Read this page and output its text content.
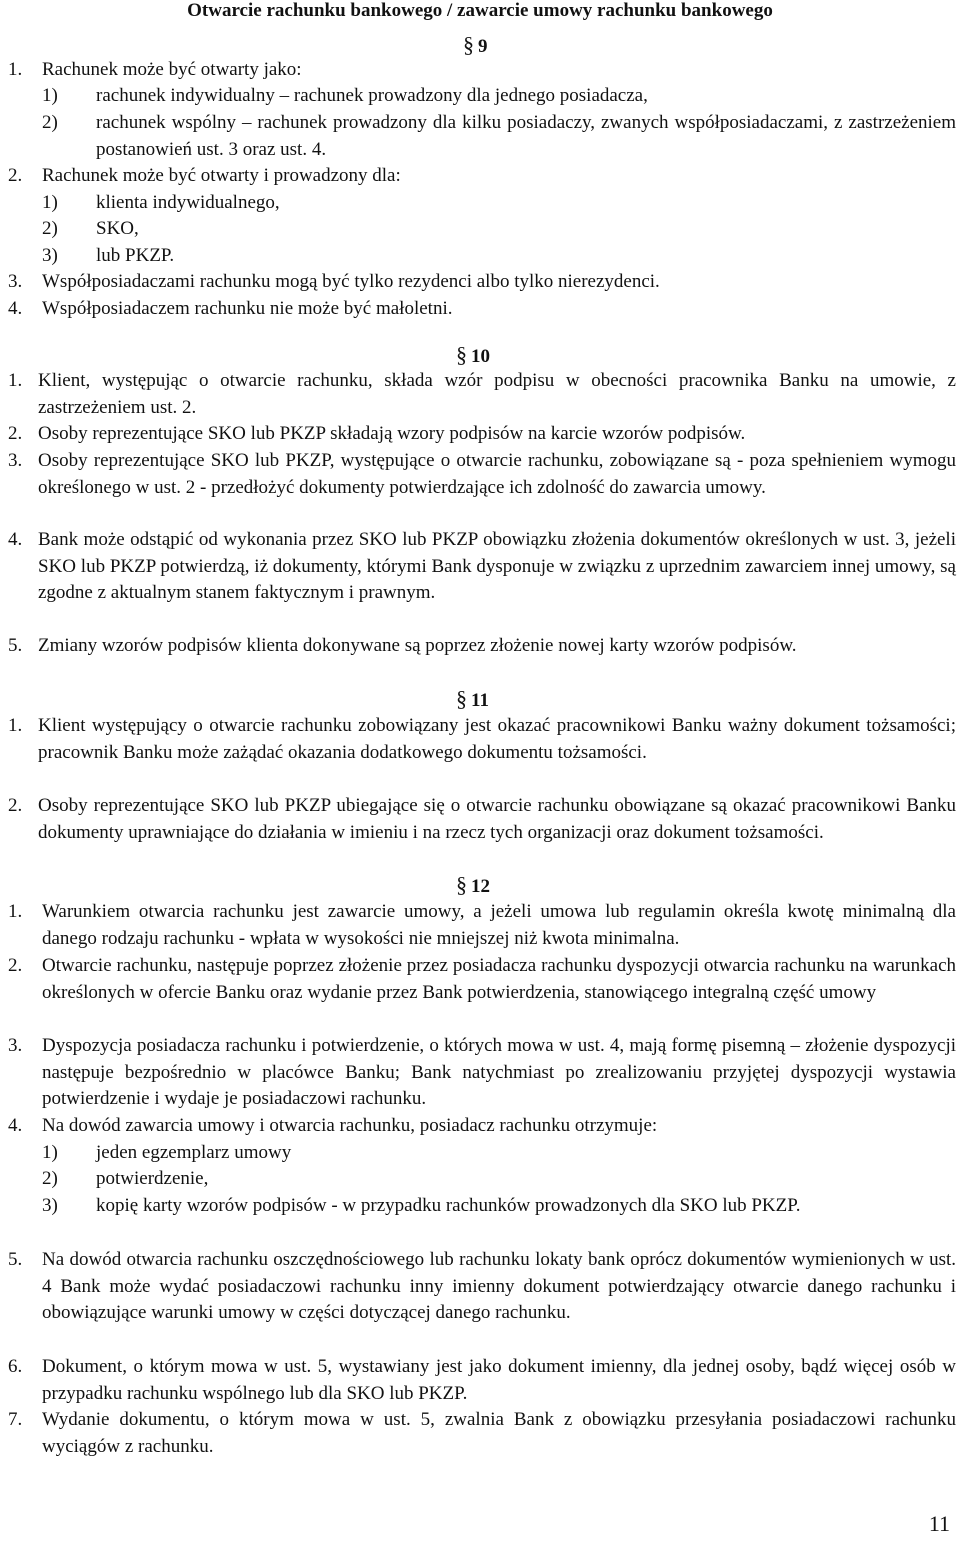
Otwarcie rachunku bankowego / zawarcie umowy rachunku bankowego
§ 9
1.	Rachunek może być otwarty jako:
1)	rachunek indywidualny – rachunek prowadzony dla jednego posiadacza,
2)	rachunek wspólny – rachunek prowadzony dla kilku posiadaczy, zwanych współposiadaczami, z zastrzeżeniem postanowień ust. 3 oraz ust. 4.
2.	Rachunek może być otwarty i prowadzony dla:
1)	klienta indywidualnego,
2)	SKO,
3)	lub PKZP.
3.	Współposiadaczami rachunku mogą być tylko rezydenci albo tylko nierezydenci.
4.	Współposiadaczem rachunku nie może być małoletni.
§ 10
1. Klient, występując o otwarcie rachunku, składa wzór podpisu w obecności pracownika Banku na umowie, z zastrzeżeniem ust. 2.
2. Osoby reprezentujące SKO lub PKZP składają wzory podpisów na karcie wzorów podpisów.
3. Osoby reprezentujące SKO lub PKZP, występujące o otwarcie rachunku, zobowiązane są - poza spełnieniem wymogu określonego w ust. 2 - przedłożyć dokumenty potwierdzające ich zdolność do zawarcia umowy.
4. Bank może odstąpić od wykonania przez SKO lub PKZP obowiązku złożenia dokumentów określonych w ust. 3, jeżeli SKO lub PKZP potwierdzą, iż dokumenty, którymi Bank dysponuje w związku z uprzednim zawarciem innej umowy, są zgodne z aktualnym stanem faktycznym i prawnym.
5. Zmiany wzorów podpisów klienta dokonywane są poprzez złożenie nowej karty wzorów podpisów.
§ 11
1. Klient występujący o otwarcie rachunku zobowiązany jest okazać pracownikowi Banku ważny dokument tożsamości; pracownik Banku może zażądać okazania dodatkowego dokumentu tożsamości.
2. Osoby reprezentujące SKO lub PKZP ubiegające się o otwarcie rachunku obowiązane są okazać pracownikowi Banku dokumenty uprawniające do działania w imieniu i na rzecz tych organizacji oraz dokument tożsamości.
§ 12
1.	Warunkiem otwarcia rachunku jest zawarcie umowy, a jeżeli umowa lub regulamin określa kwotę minimalną dla danego rodzaju rachunku - wpłata w wysokości nie mniejszej niż kwota minimalna.
2.	Otwarcie rachunku, następuje poprzez złożenie przez posiadacza rachunku dyspozycji otwarcia rachunku na warunkach określonych w ofercie Banku oraz wydanie przez Bank potwierdzenia, stanowiącego integralną część umowy
3.	Dyspozycja posiadacza rachunku i potwierdzenie, o których mowa w ust. 4, mają formę pisemną – złożenie dyspozycji następuje bezpośrednio w placówce Banku; Bank natychmiast po zrealizowaniu przyjętej dyspozycji wystawia potwierdzenie i wydaje je posiadaczowi rachunku.
4.	Na dowód zawarcia umowy i otwarcia rachunku, posiadacz rachunku otrzymuje:
1)	jeden egzemplarz umowy
2)	potwierdzenie,
3)	kopię karty wzorów podpisów - w przypadku rachunków prowadzonych dla SKO lub PKZP.
5.	Na dowód otwarcia rachunku oszczędnościowego lub rachunku lokaty bank oprócz dokumentów wymienionych w ust. 4 Bank może wydać posiadaczowi rachunku inny imienny dokument potwierdzający otwarcie danego rachunku i obowiązujące warunki umowy w części dotyczącej danego rachunku.
6.	Dokument, o którym mowa w ust. 5, wystawiany jest jako dokument imienny, dla jednej osoby, bądź więcej osób w przypadku rachunku wspólnego lub dla SKO lub PKZP.
7.	Wydanie dokumentu, o którym mowa w ust. 5, zwalnia Bank z obowiązku przesyłania posiadaczowi rachunku wyciągów z rachunku.
11
